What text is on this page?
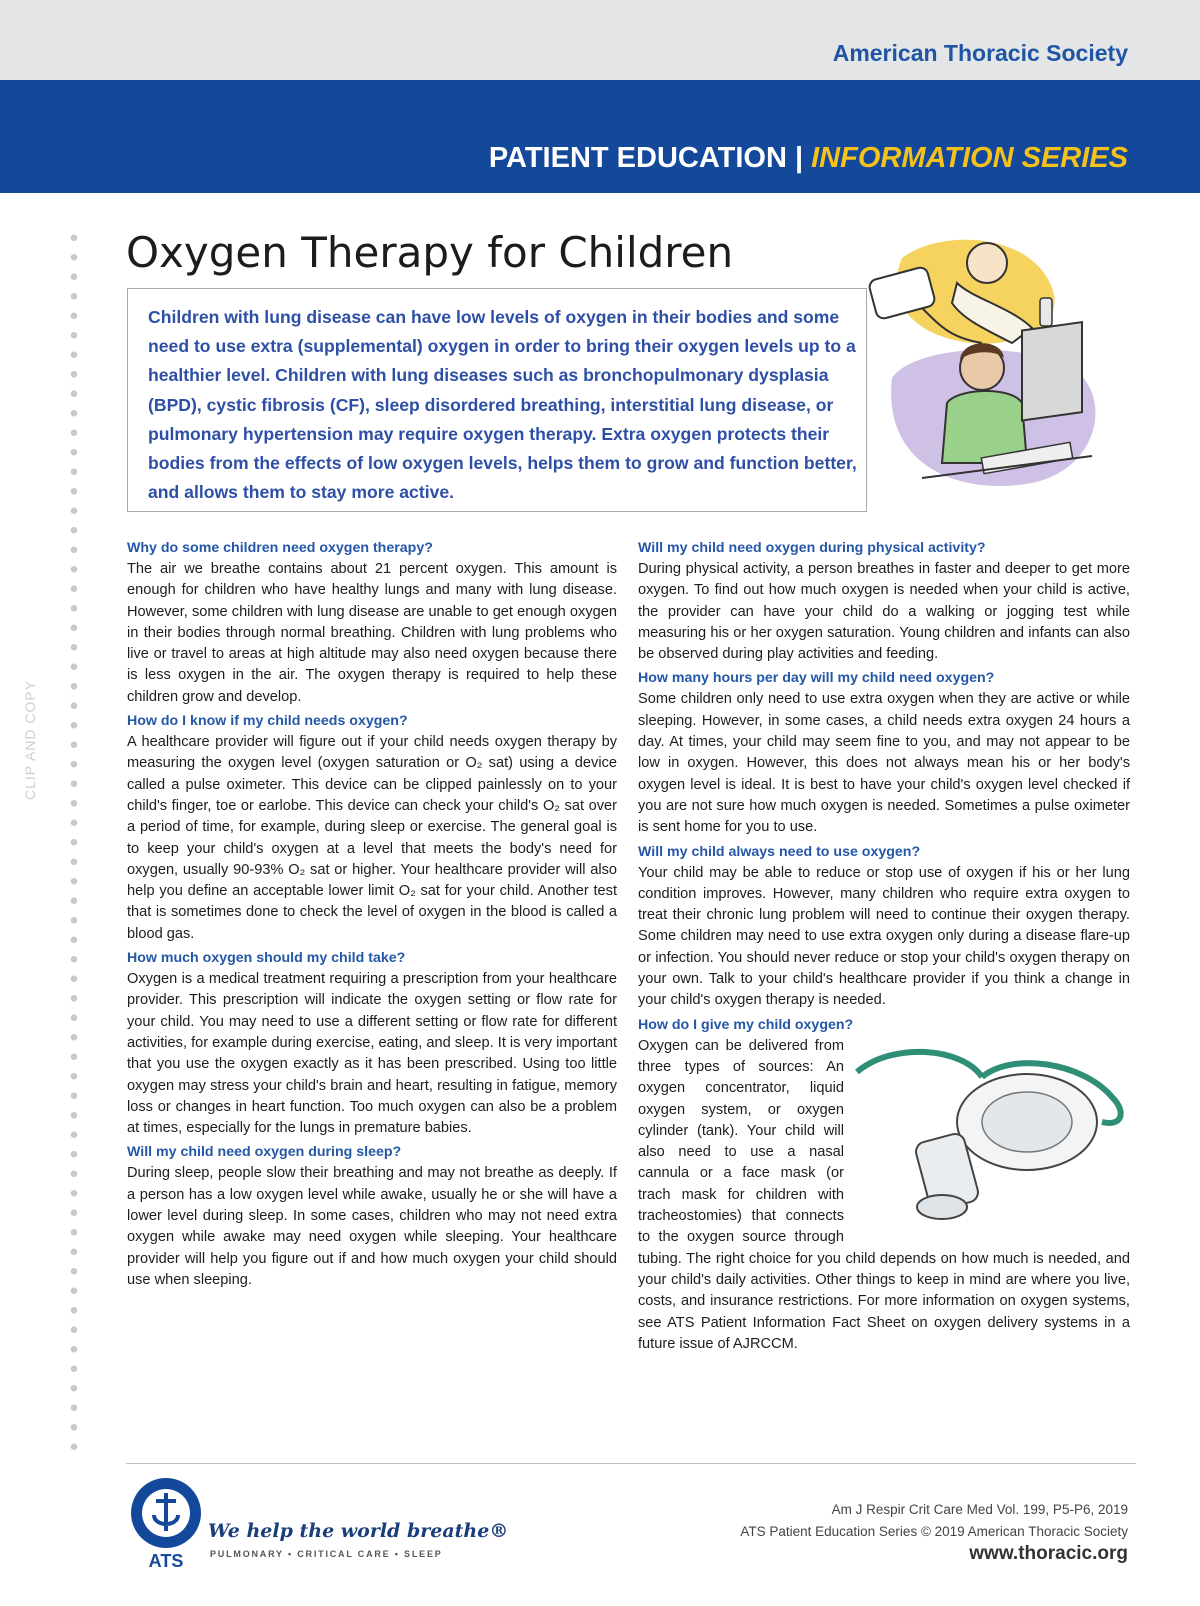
American Thoracic Society
PATIENT EDUCATION | INFORMATION SERIES
CLIP AND COPY
Oxygen Therapy for Children
Children with lung disease can have low levels of oxygen in their bodies and some need to use extra (supplemental) oxygen in order to bring their oxygen levels up to a healthier level. Children with lung diseases such as bronchopulmonary dysplasia (BPD), cystic fibrosis (CF), sleep disordered breathing, interstitial lung disease, or pulmonary hypertension may require oxygen therapy. Extra oxygen protects their bodies from the effects of low oxygen levels, helps them to grow and function better, and allows them to stay more active.
Why do some children need oxygen therapy?

The air we breathe contains about 21 percent oxygen. This amount is enough for children who have healthy lungs and many with lung disease. However, some children with lung disease are unable to get enough oxygen in their bodies through normal breathing. Children with lung problems who live or travel to areas at high altitude may also need oxygen because there is less oxygen in the air. The oxygen therapy is required to help these children grow and develop.

How do I know if my child needs oxygen?

A healthcare provider will figure out if your child needs oxygen therapy by measuring the oxygen level (oxygen saturation or O₂ sat) using a device called a pulse oximeter. This device can be clipped painlessly on to your child's finger, toe or earlobe. This device can check your child's O₂ sat over a period of time, for example, during sleep or exercise. The general goal is to keep your child's oxygen at a level that meets the body's need for oxygen, usually 90-93% O₂ sat or higher. Your healthcare provider will also help you define an acceptable lower limit O₂ sat for your child. Another test that is sometimes done to check the level of oxygen in the blood is called a blood gas.

How much oxygen should my child take?

Oxygen is a medical treatment requiring a prescription from your healthcare provider. This prescription will indicate the oxygen setting or flow rate for your child. You may need to use a different setting or flow rate for different activities, for example during exercise, eating, and sleep. It is very important that you use the oxygen exactly as it has been prescribed. Using too little oxygen may stress your child's brain and heart, resulting in fatigue, memory loss or changes in heart function. Too much oxygen can also be a problem at times, especially for the lungs in premature babies.

Will my child need oxygen during sleep?

During sleep, people slow their breathing and may not breathe as deeply. If a person has a low oxygen level while awake, usually he or she will have a lower level during sleep. In some cases, children who may not need extra oxygen while awake may need oxygen while sleeping. Your healthcare provider will help you figure out if and how much oxygen your child should use when sleeping.

Will my child need oxygen during physical activity?

During physical activity, a person breathes in faster and deeper to get more oxygen. To find out how much oxygen is needed when your child is active, the provider can have your child do a walking or jogging test while measuring his or her oxygen saturation. Young children and infants can also be observed during play activities and feeding.

How many hours per day will my child need oxygen?

Some children only need to use extra oxygen when they are active or while sleeping. However, in some cases, a child needs extra oxygen 24 hours a day. At times, your child may seem fine to you, and may not appear to be low in oxygen. However, this does not always mean his or her body's oxygen level is ideal. It is best to have your child's oxygen level checked if you are not sure how much oxygen is needed. Sometimes a pulse oximeter is sent home for you to use.

Will my child always need to use oxygen?

Your child may be able to reduce or stop use of oxygen if his or her lung condition improves. However, many children who require extra oxygen to treat their chronic lung problem will need to continue their oxygen therapy. Some children may need to use extra oxygen only during a disease flare-up or infection. You should never reduce or stop your child's oxygen therapy on your own. Talk to your child's healthcare provider if you think a change in your child's oxygen therapy is needed.

How do I give my child oxygen?

Oxygen can be delivered from three types of sources: An oxygen concentrator, liquid oxygen system, or oxygen cylinder (tank). Your child will also need to use a nasal cannula or a face mask (or trach mask for children with tracheostomies) that connects to the oxygen source through tubing. The right choice for you child depends on how much is needed, and your child's daily activities. Other things to keep in mind are where you live, costs, and insurance restrictions. For more information on oxygen systems, see ATS Patient Information Fact Sheet on oxygen delivery systems in a future issue of AJRCCM.

ATS
We help the world breathe®
PULMONARY • CRITICAL CARE • SLEEP
Am J Respir Crit Care Med Vol. 199, P5-P6, 2019
ATS Patient Education Series © 2019 American Thoracic Society
www.thoracic.org
